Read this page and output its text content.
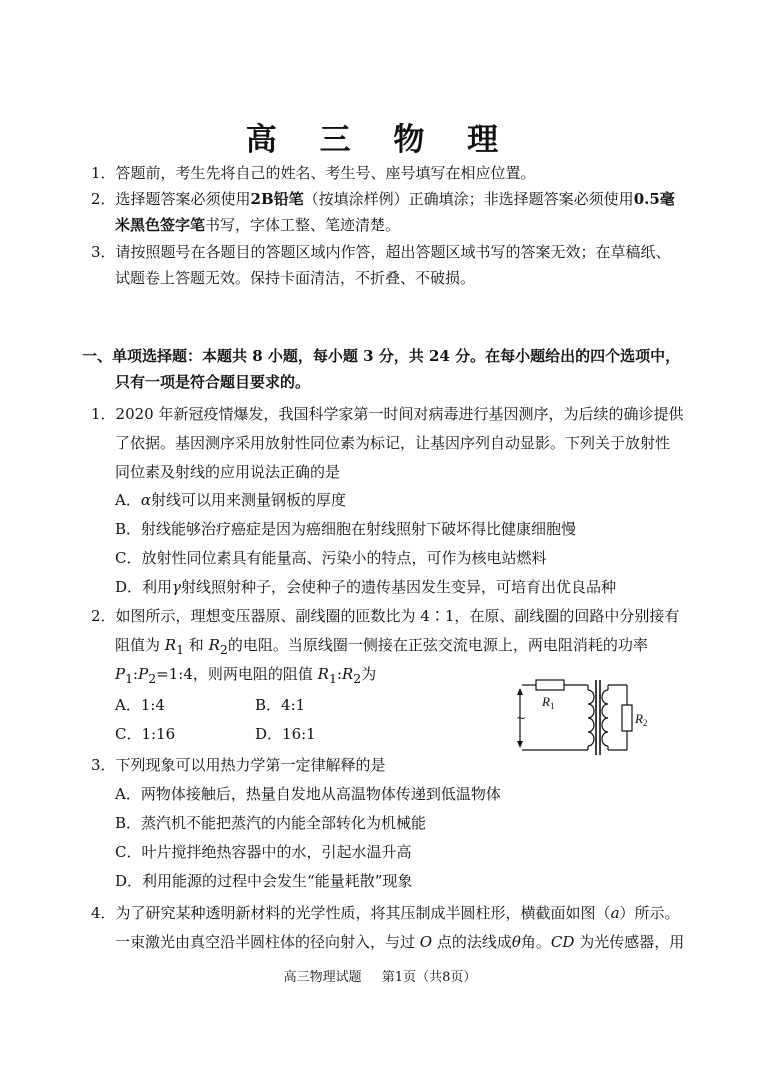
高 三 物 理
1．答题前，考生先将自己的姓名、考生号、座号填写在相应位置。
2．选择题答案必须使用2B铅笔（按填涂样例）正确填涂；非选择题答案必须使用0.5毫
米黑色签字笔书写，字体工整、笔迹清楚。
3．请按照题号在各题目的答题区域内作答，超出答题区域书写的答案无效；在草稿纸、
试题卷上答题无效。保持卡面清洁，不折叠、不破损。
一、单项选择题：本题共 8 小题，每小题 3 分，共 24 分。在每小题给出的四个选项中，
只有一项是符合题目要求的。
1．2020 年新冠疫情爆发，我国科学家第一时间对病毒进行基因测序，为后续的确诊提供
了依据。基因测序采用放射性同位素为标记，让基因序列自动显影。下列关于放射性
同位素及射线的应用说法正确的是
A．α射线可以用来测量钢板的厚度
B．射线能够治疗癌症是因为癌细胞在射线照射下破坏得比健康细胞慢
C．放射性同位素具有能量高、污染小的特点，可作为核电站燃料
D．利用γ射线照射种子，会使种子的遗传基因发生变异，可培育出优良品种
2．如图所示，理想变压器原、副线圈的匝数比为 4∶1，在原、副线圈的回路中分别接有
阻值为 $R_1$ 和 $R_2$的电阻。当原线圈一侧接在正弦交流电源上，两电阻消耗的功率
$P_1:P_2=1:4$，则两电阻的阻值 $R_1:R_2$为
A．1:4	B．4:1
C．1:16	D．16:1
~
$R_1$
$R_2$
3．下列现象可以用热力学第一定律解释的是
A．两物体接触后，热量自发地从高温物体传递到低温物体
B．蒸汽机不能把蒸汽的内能全部转化为机械能
C．叶片搅拌绝热容器中的水，引起水温升高
D．利用能源的过程中会发生“能量耗散”现象
4．为了研究某种透明新材料的光学性质，将其压制成半圆柱形，横截面如图（a）所示。
一束激光由真空沿半圆柱体的径向射入，与过 O 点的法线成θ角。CD 为光传感器，用
高三物理试题 第1页（共8页）
